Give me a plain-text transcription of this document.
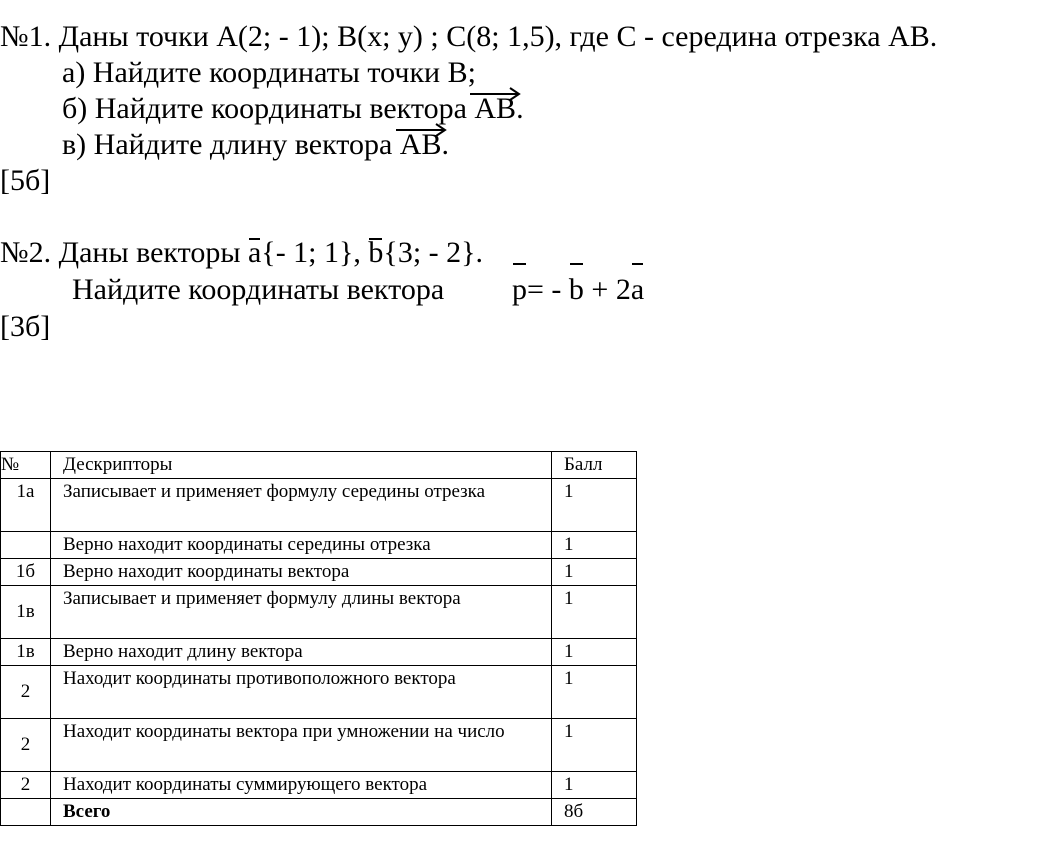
№1. Даны точки А(2; - 1); В(x; y) ; С(8; 1,5), где С - середина отрезка АВ.
а) Найдите координаты точки В;
б) Найдите координаты вектора
АВ.
в) Найдите длину вектора
АВ.
[5б]
№2. Даны векторы a{- 1; 1}, b{3; - 2}.
Найдите координаты вектора p= - b + 2a
[3б]
№	Дескрипторы	Балл
1а	Записывает и применяет формулу середины отрезка	1
	Верно находит координаты середины отрезка	1
1б	Верно находит координаты вектора	1
1в	Записывает и применяет формулу длины вектора	1
1в	Верно находит длину вектора	1
2	Находит координаты противоположного вектора	1
2	Находит координаты вектора при умножении на число	1
2	Находит координаты суммирующего вектора	1
	Всего	8б
